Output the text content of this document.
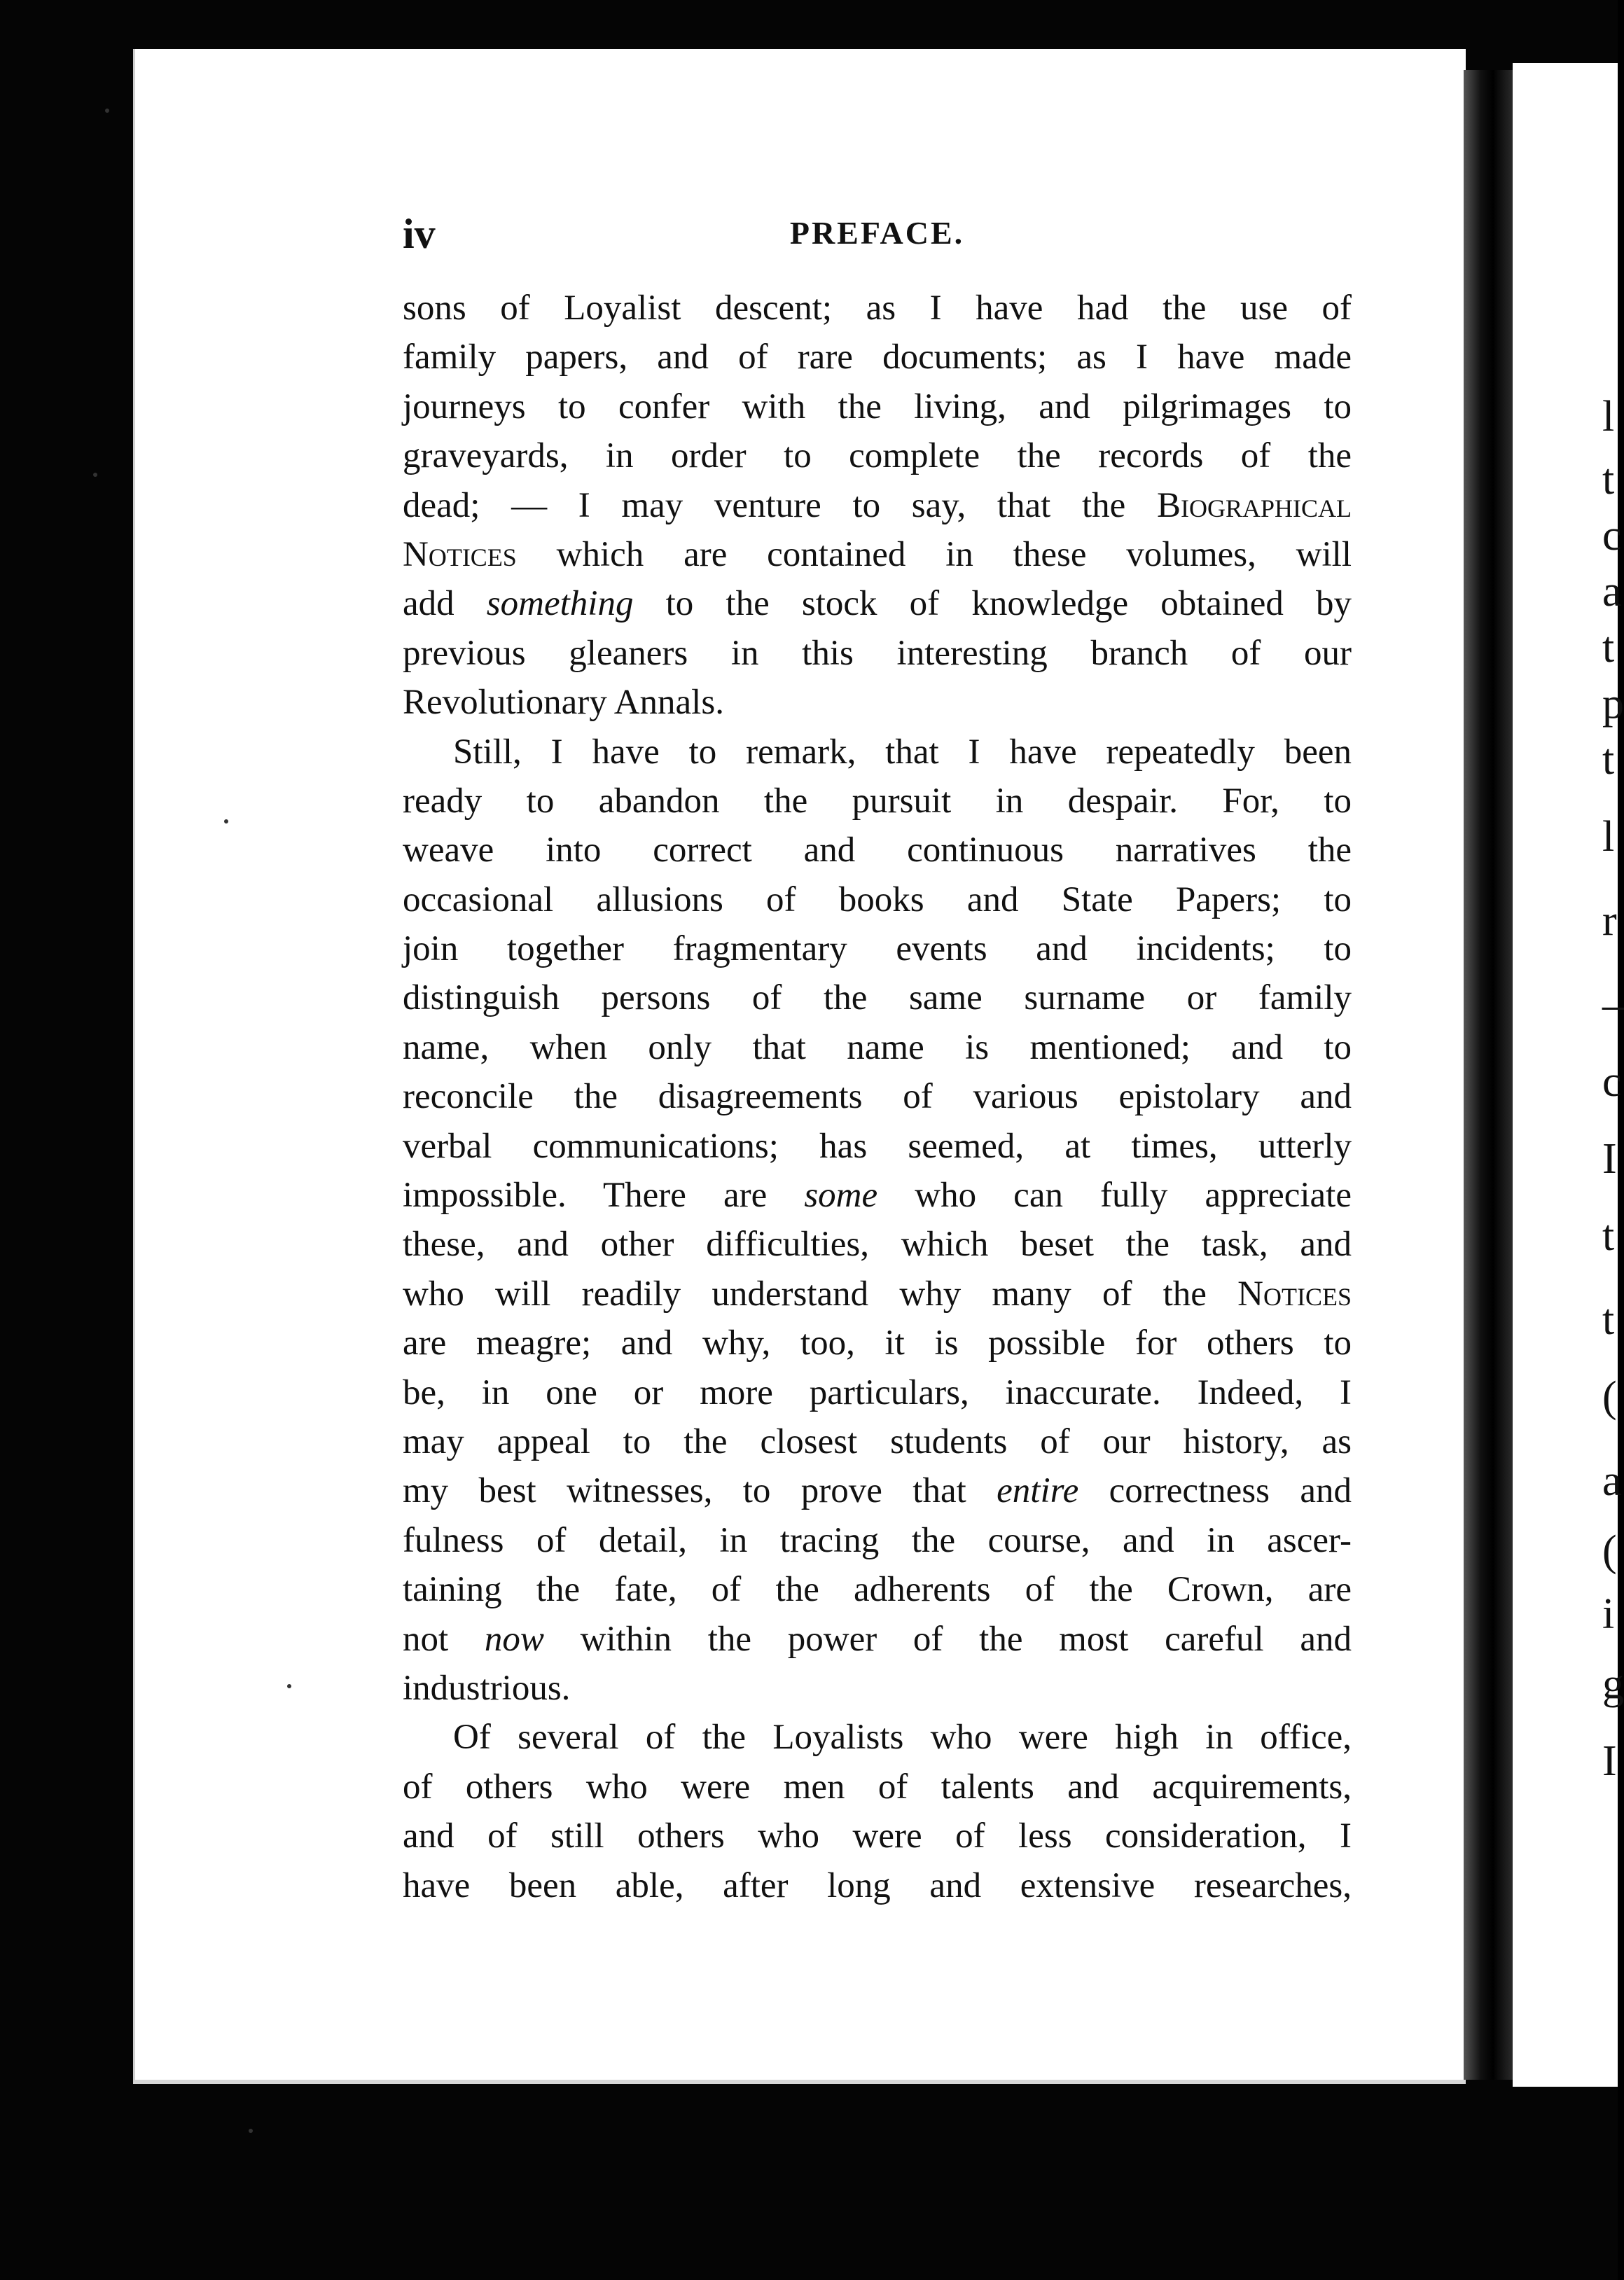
l
t
c
a
t
p
t
l
r
–
c
I
t
t
(
a
(
i
g
I
iv	PREFACE.
sons of Loyalist descent; as I have had the use of
family papers, and of rare documents; as I have made
journeys to confer with the living, and pilgrimages to
graveyards, in order to complete the records of the
dead; — I may venture to say, that the Biographical
Notices which are contained in these volumes, will
add something to the stock of knowledge obtained by
previous gleaners in this interesting branch of our
Revolutionary Annals.
Still, I have to remark, that I have repeatedly been
ready to abandon the pursuit in despair. For, to
weave into correct and continuous narratives the
occasional allusions of books and State Papers; to
join together fragmentary events and incidents; to
distinguish persons of the same surname or family
name, when only that name is mentioned; and to
reconcile the disagreements of various epistolary and
verbal communications; has seemed, at times, utterly
impossible. There are some who can fully appreciate
these, and other difficulties, which beset the task, and
who will readily understand why many of the Notices
are meagre; and why, too, it is possible for others to
be, in one or more particulars, inaccurate. Indeed, I
may appeal to the closest students of our history, as
my best witnesses, to prove that entire correctness and
fulness of detail, in tracing the course, and in ascer-
taining the fate, of the adherents of the Crown, are
not now within the power of the most careful and
industrious.
Of several of the Loyalists who were high in office,
of others who were men of talents and acquirements,
and of still others who were of less consideration, I
have been able, after long and extensive researches,
